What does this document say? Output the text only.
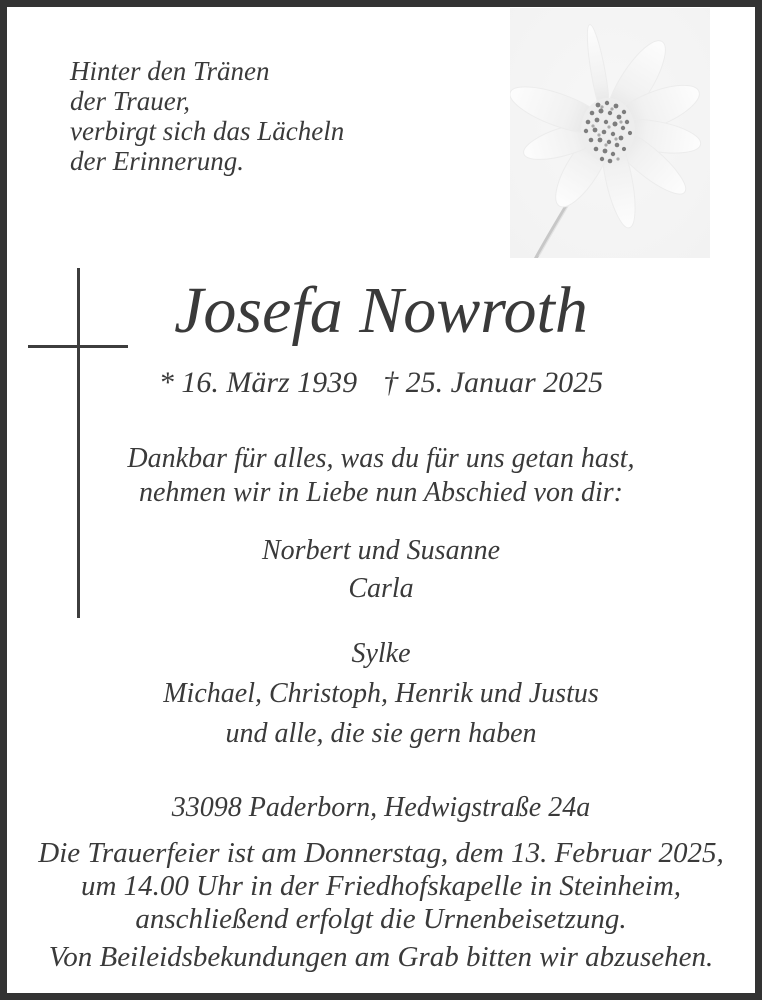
Hinter den Tränen
der Trauer,
verbirgt sich das Lächeln
der Erinnerung.
Josefa Nowroth
* 16. März 1939 † 25. Januar 2025
Dankbar für alles, was du für uns getan hast,
nehmen wir in Liebe nun Abschied von dir:
Norbert und Susanne
Carla
Sylke
Michael, Christoph, Henrik und Justus
und alle, die sie gern haben
33098 Paderborn, Hedwigstraße 24a
Die Trauerfeier ist am Donnerstag, dem 13. Februar 2025,
um 14.00 Uhr in der Friedhofskapelle in Steinheim,
anschließend erfolgt die Urnenbeisetzung.
Von Beileidsbekundungen am Grab bitten wir abzusehen.
